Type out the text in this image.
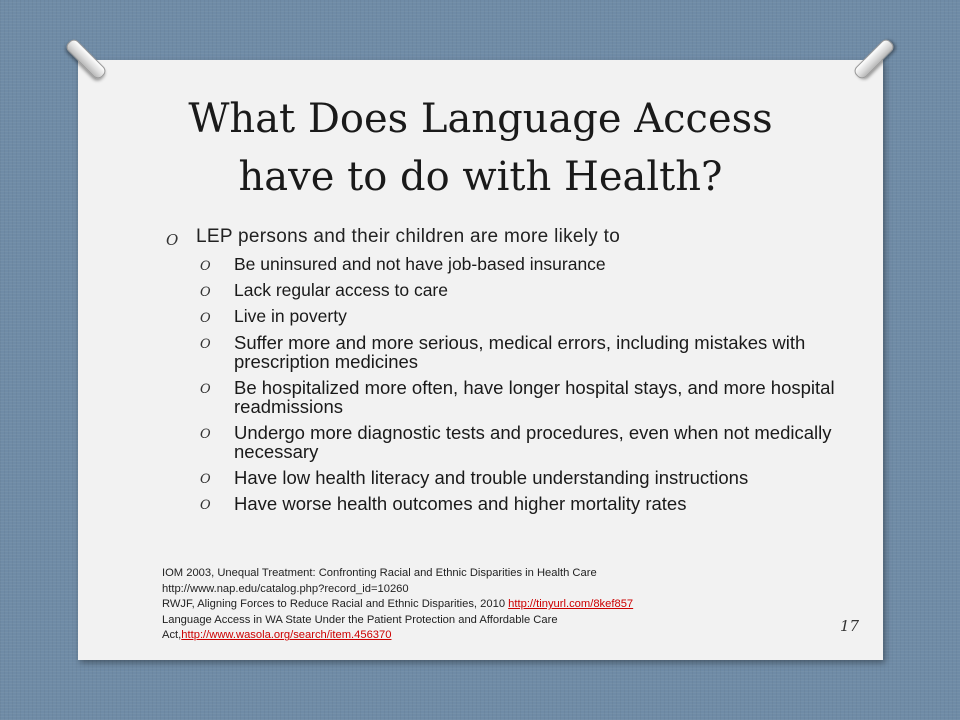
What Does Language Access
have to do with Health?
O LEP persons and their children are more likely to
O Be uninsured and not have job-based insurance
O Lack regular access to care
O Live in poverty
O Suffer more and more serious, medical errors, including mistakes with prescription medicines
O Be hospitalized more often, have longer hospital stays, and more hospital readmissions
O Undergo more diagnostic tests and procedures, even when not medically necessary
O Have low health literacy and trouble understanding instructions
O Have worse health outcomes and higher mortality rates
IOM 2003, Unequal Treatment: Confronting Racial and Ethnic Disparities in Health Care
http://www.nap.edu/catalog.php?record_id=10260
RWJF, Aligning Forces to Reduce Racial and Ethnic Disparities, 2010 http://tinyurl.com/8kef857
Language Access in WA State Under the Patient Protection and Affordable Care
Act,http://www.wasola.org/search/item.456370
17
